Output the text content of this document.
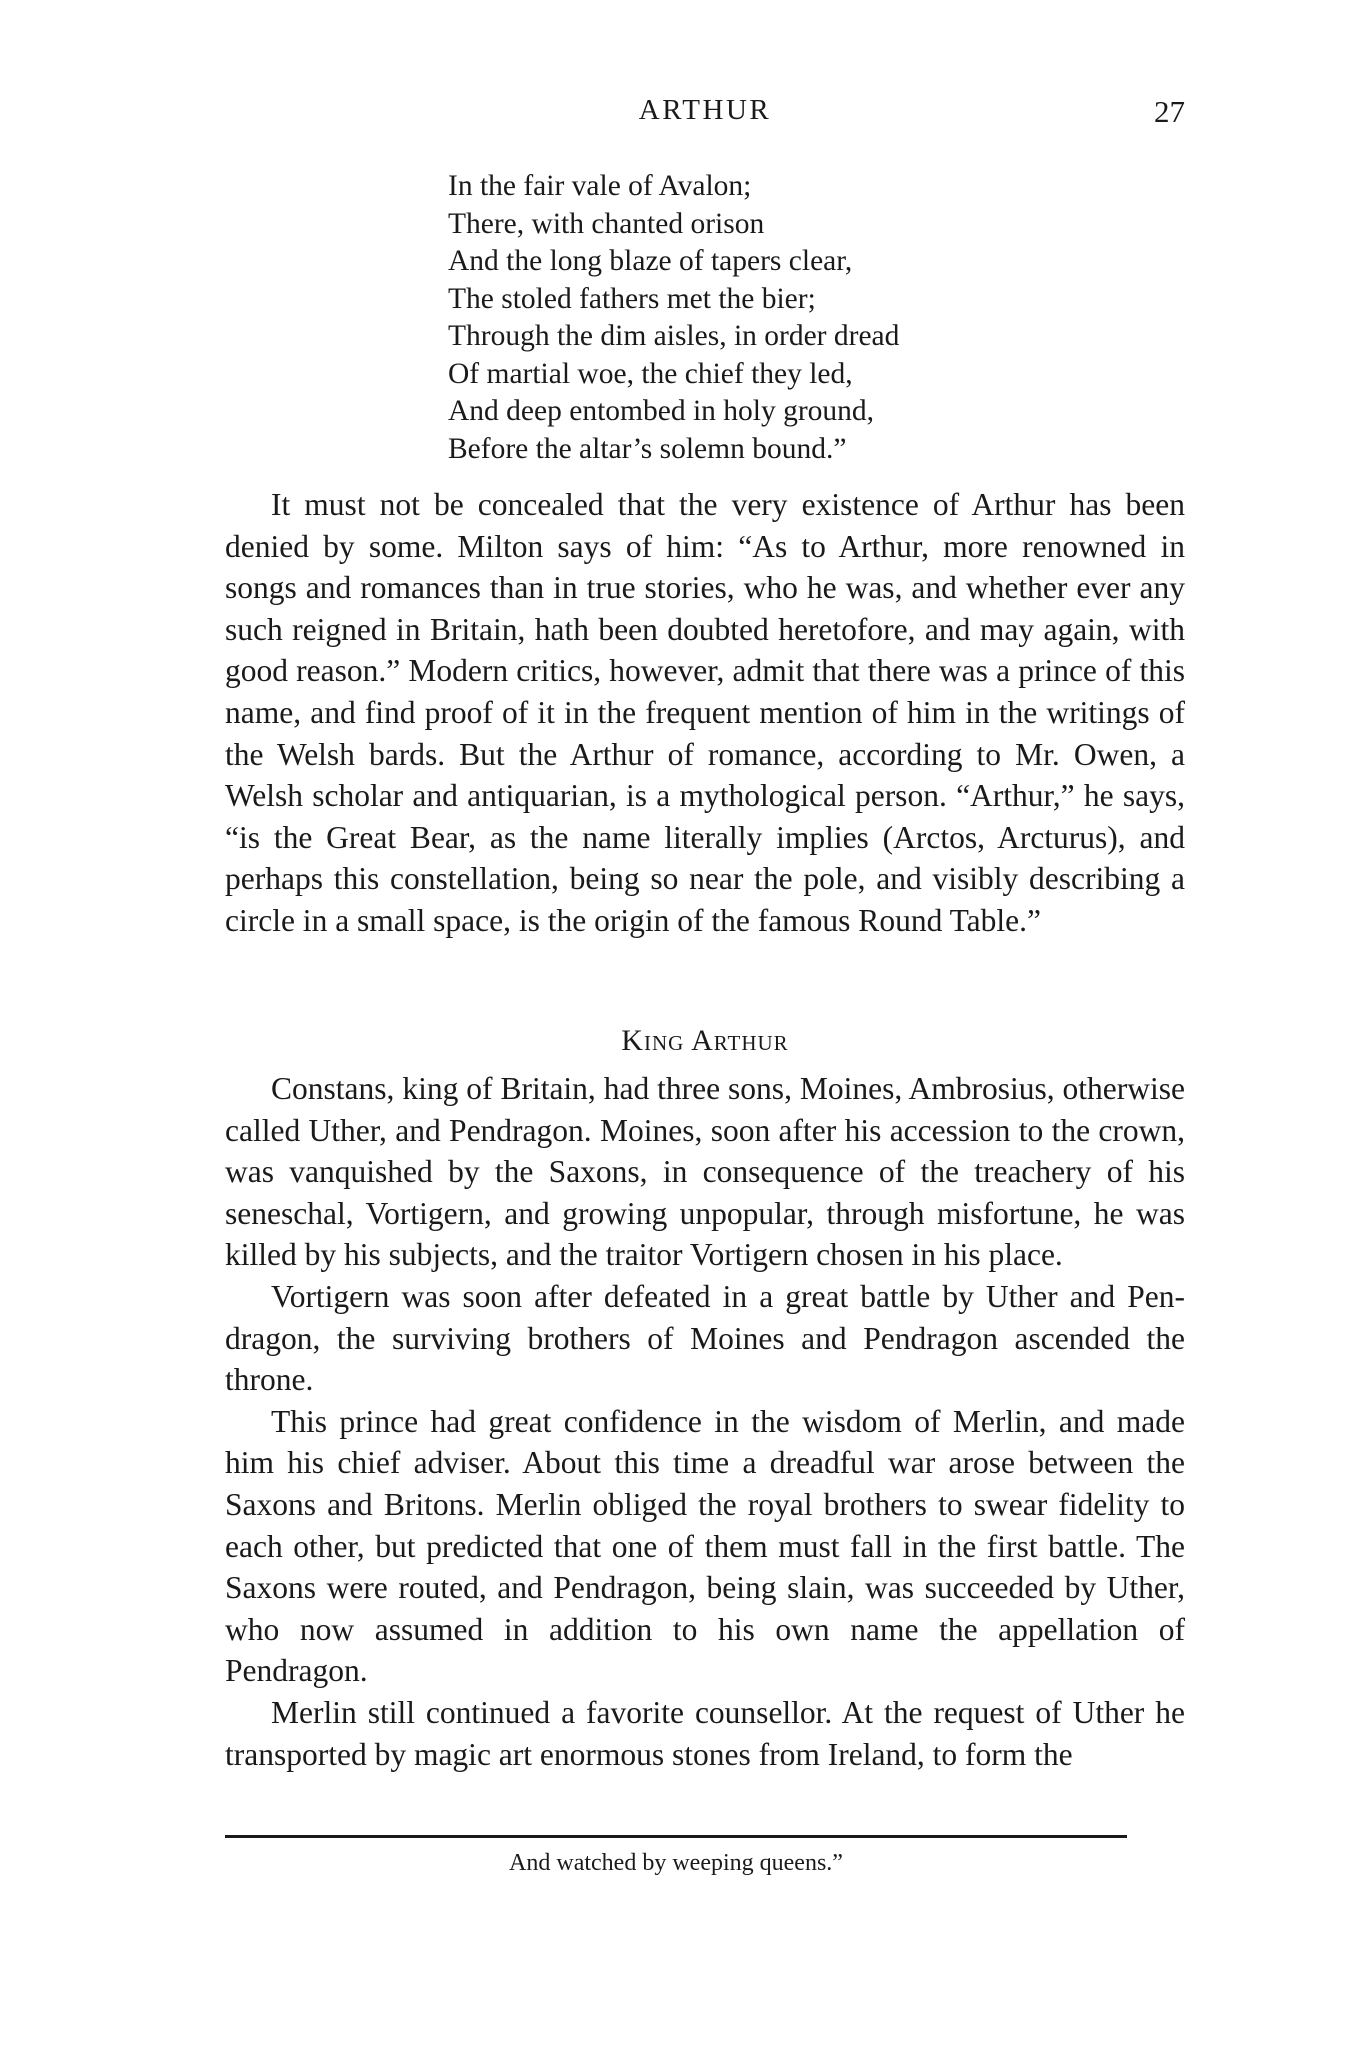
ARTHUR	27
In the fair vale of Avalon;
There, with chanted orison
And the long blaze of tapers clear,
The stoled fathers met the bier;
Through the dim aisles, in order dread
Of martial woe, the chief they led,
And deep entombed in holy ground,
Before the altar’s solemn bound.”

It must not be concealed that the very existence of Arthur has been denied by some. Milton says of him: “As to Arthur, more renowned in songs and romances than in true stories, who he was, and whether ever any such reigned in Britain, hath been doubted heretofore, and may again, with good reason.” Modern critics, however, admit that there was a prince of this name, and find proof of it in the frequent mention of him in the writings of the Welsh bards. But the Arthur of romance, according to Mr. Owen, a Welsh scholar and antiquarian, is a mythological person. “Arthur,” he says, “is the Great Bear, as the name literally implies (Arctos, Arcturus), and perhaps this constellation, being so near the pole, and visibly describing a circle in a small space, is the origin of the famous Round Table.”

King Arthur

Constans, king of Britain, had three sons, Moines, Ambrosius, otherwise called Uther, and Pendragon. Moines, soon after his accession to the crown, was vanquished by the Saxons, in consequence of the treachery of his seneschal, Vortigern, and growing unpopular, through misfortune, he was killed by his subjects, and the traitor Vortigern chosen in his place.

Vortigern was soon after defeated in a great battle by Uther and Pendragon, the surviving brothers of Moines and Pendragon ascended the throne.

This prince had great confidence in the wisdom of Merlin, and made him his chief adviser. About this time a dreadful war arose between the Saxons and Britons. Merlin obliged the royal brothers to swear fidelity to each other, but predicted that one of them must fall in the first battle. The Saxons were routed, and Pendragon, being slain, was succeeded by Uther, who now assumed in addition to his own name the appellation of Pendragon.

Merlin still continued a favorite counsellor. At the request of Uther he transported by magic art enormous stones from Ireland, to form the

And watched by weeping queens.”
